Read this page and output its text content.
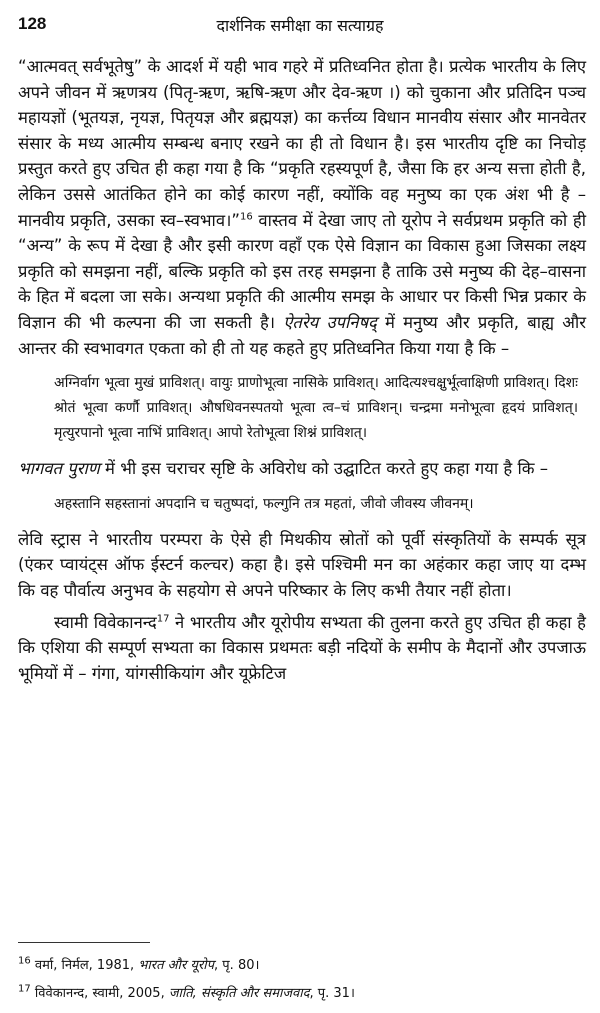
128	दार्शनिक समीक्षा का सत्याग्रह

“आत्मवत् सर्वभूतेषु” के आदर्श में यही भाव गहरे में प्रतिध्वनित होता है। प्रत्येक भारतीय के लिए अपने जीवन में ऋणत्रय (पितृ-ऋण, ऋषि-ऋण और देव-ऋण ।) को चुकाना और प्रतिदिन पञ्च महायज्ञों (भूतयज्ञ, नृयज्ञ, पितृयज्ञ और ब्रह्मयज्ञ) का कर्त्तव्य विधान मानवीय संसार और मानवेतर संसार के मध्य आत्मीय सम्बन्ध बनाए रखने का ही तो विधान है। इस भारतीय दृष्टि का निचोड़ प्रस्तुत करते हुए उचित ही कहा गया है कि “प्रकृति रहस्यपूर्ण है, जैसा कि हर अन्य सत्ता होती है, लेकिन उससे आतंकित होने का कोई कारण नहीं, क्योंकि वह मनुष्य का एक अंश भी है – मानवीय प्रकृति, उसका स्व–स्वभाव।”$^{16}$ वास्तव में देखा जाए तो यूरोप ने सर्वप्रथम प्रकृति को ही “अन्य” के रूप में देखा है और इसी कारण वहाँ एक ऐसे विज्ञान का विकास हुआ जिसका लक्ष्य प्रकृति को समझना नहीं, बल्कि प्रकृति को इस तरह समझना है ताकि उसे मनुष्य की देह–वासना के हित में बदला जा सके। अन्यथा प्रकृति की आत्मीय समझ के आधार पर किसी भिन्न प्रकार के विज्ञान की भी कल्पना की जा सकती है। ऐतरेय उपनिषद् में मनुष्य और प्रकृति, बाह्य और आन्तर की स्वभावगत एकता को ही तो यह कहते हुए प्रतिध्वनित किया गया है कि –

अग्निर्वाग भूत्वा मुखं प्राविशत्। वायुः प्राणोभूत्वा नासिके प्राविशत्। आदित्यश्चक्षुर्भूत्वाक्षिणी प्राविशत्। दिशः श्रोतं भूत्वा कर्णौ प्राविशत्। औषधिवनस्पतयो भूत्वा त्व–चं प्राविशन्। चन्द्रमा मनोभूत्वा हृदयं प्राविशत्। मृत्युरपानो भूत्वा नाभिं प्राविशत्। आपो रेतोभूत्वा शिश्नं प्राविशत्।

भागवत पुराण में भी इस चराचर सृष्टि के अविरोध को उद्घाटित करते हुए कहा गया है कि –

अहस्तानि सहस्तानां अपदानि च चतुष्पदां, फल्गुनि तत्र महतां, जीवो जीवस्य जीवनम्।

लेवि स्ट्रास ने भारतीय परम्परा के ऐसे ही मिथकीय स्रोतों को पूर्वी संस्कृतियों के सम्पर्क सूत्र (एंकर प्वायंट्स ऑफ ईस्टर्न कल्चर) कहा है। इसे पश्चिमी मन का अहंकार कहा जाए या दम्भ कि वह पौर्वात्य अनुभव के सहयोग से अपने परिष्कार के लिए कभी तैयार नहीं होता।

स्वामी विवेकानन्द$^{17}$ ने भारतीय और यूरोपीय सभ्यता की तुलना करते हुए उचित ही कहा है कि एशिया की सम्पूर्ण सभ्यता का विकास प्रथमतः बड़ी नदियों के समीप के मैदानों और उपजाऊ भूमियों में – गंगा, यांगसीकियांग और यूफ्रेटिज

$^{16}$ वर्मा, निर्मल, 1981, भारत और यूरोप, पृ. 80।
$^{17}$ विवेकानन्द, स्वामी, 2005, जाति, संस्कृति और समाजवाद, पृ. 31।
